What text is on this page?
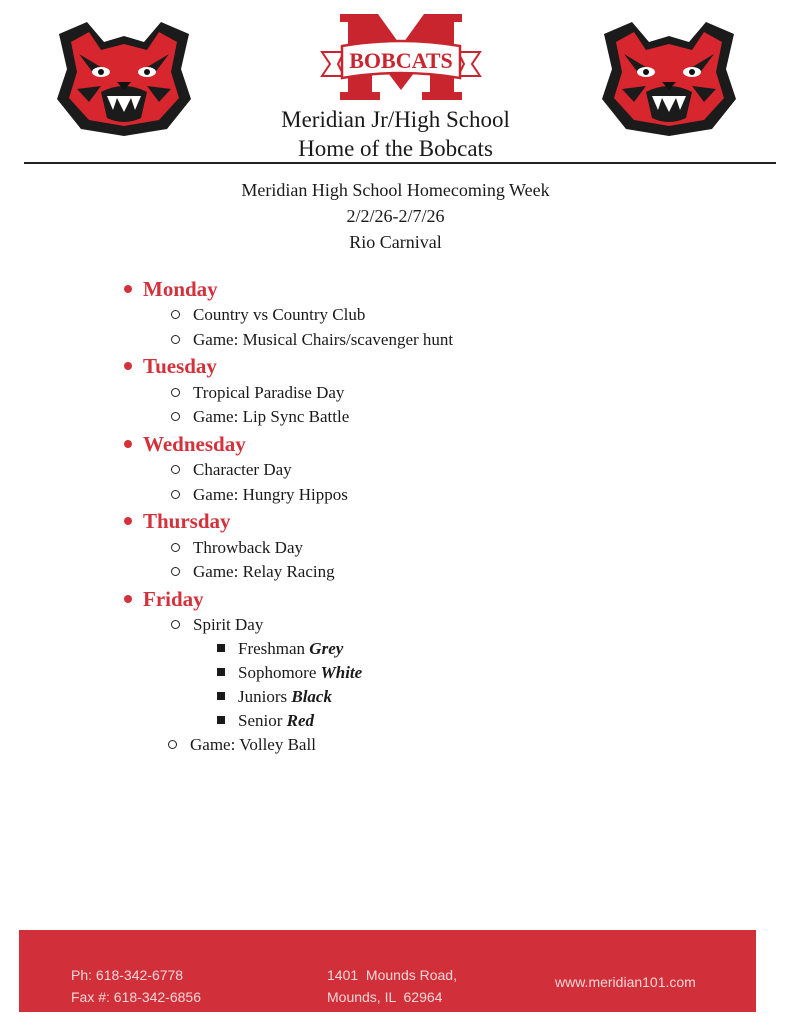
BOBCATS
Meridian Jr/High School
Home of the Bobcats
Meridian High School Homecoming Week
2/2/26-2/7/26
Rio Carnival
Monday
Country vs Country Club
Game: Musical Chairs/scavenger hunt
Tuesday
Tropical Paradise Day
Game: Lip Sync Battle
Wednesday
Character Day
Game: Hungry Hippos
Thursday
Throwback Day
Game: Relay Racing
Friday
Spirit Day
Freshman Grey
Sophomore White
Juniors Black
Senior Red
Game: Volley Ball
Ph: 618-342-6778
Fax #: 618-342-6856
1401  Mounds Road,
Mounds, IL  62964
www.meridian101.com
